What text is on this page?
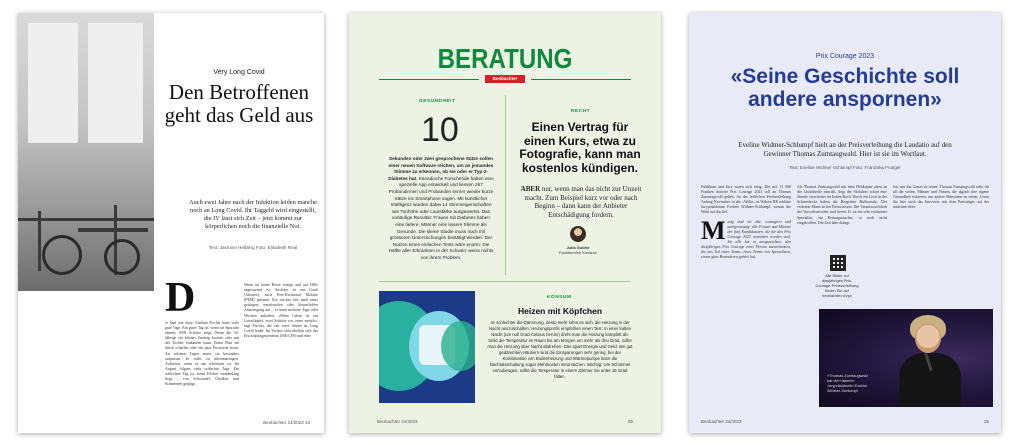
Very Long Covid
Den Betroffenen geht das Geld aus
Auch zwei Jahre nach der Infektion leiden manche noch an Long Covid. Ihr Taggeld wird eingestellt, die IV lässt sich Zeit – jetzt kommt zur körperlichen noch die finanzielle Not.
Text: Jasmine Helbling Foto: Elisabeth Real
D
er Saal war okay, Andrina Fischer hatte viele gute Tage. Ein guter Tag ist, wenn sie Sportuhr abends 1000 Schritte zeigt. Wenn die 34-Jährige ein kleines Zmittag kochen oder mit der Tochter einkaufen kann. Einen Plan am Stück schaffen oder ein paar Prosaseite lesen. An solchen Tagen muss sie besonders aufpassen. In nicht zu überanstrengen. Aufhören, wenn es am schönsten ist. Im August folgten viele schlechte Tage. Ein schlechter Tag ist, wenn Fischer stundenlang liegt – von Schwindel, Übelkeit und Schmerzen geplagt.
Wenn sie keine Reize erträgt und auf Hilfe angewiesen ist. Auslöser ist ein Crash (Absturz), auch Post-Exertional Malaise (PEM) genannt. Ein solcher tritt nach einer geistigen, emotionalen oder körperlichen Anstrengung auf – er kann mehrere Tage oder Wochen anhalten. «Mein Leben ist ein Lotterlispiel: zwei Schritte vor, einer zurück», sagt Fischer, die seit zwei Jahren an Long Covid leidet. Im Verlauf entwickelten sich das Erschöpfungssyndrom (ME/CFS) und eine
Beobachter 24/2023 33
BERATUNG
Beobachter
GESUNDHEIT
10
Sekunden oder zwei gesprochene Sätze sollen einer neuen Software reichen, um an jemandes Stimme zu erkennen, ob sie oder er Typ-2-Diabetes hat. Kanadische Forschende haben eine spezielle App entwickelt und liessen 267 Probandinnen und Probanden immer wieder kurze Sätze ins Smartphone sagen. Mit künstlicher Intelligenz wurden dabei 14 Stimmeigenschaften wie Tonhöhe oder Lautstärke ausgewertet. Das vorläufige Resultat: Frauen mit Diabetes haben eine tiefere, Männer eine leisere Stimme als Gesunde. Die kleine Studie muss noch mit grösseren Untersuchungen bestätigt werden. Der Nutzen eines einfachen Tests wäre enorm: Die Hälfte aller Erkrankten in der Schweiz weiss nichts von ihrem Problem.
RECHT
Einen Vertrag für einen Kurs, etwa zu Fotografie, kann man kostenlos kündigen.
ABER nur, wenn man das nicht zur Unzeit macht. Zum Beispiel kurz vor oder nach Beginn – dann kann der Anbieter Entschädigung fordern.
Julia Gubler
Fachbereich Konsum
KONSUM
Heizen mit Köpfchen
Je schlechter die Dämmung, desto mehr lohnt es sich, die Heizung in der Nacht auszuschalten. Heizungsprofis empfehlen einen Test: In einer kalten Nacht (um null Grad Celsius herum) dreht man die Heizung komplett ab. Sinkt die Temperatur im Raum bis am Morgen um mehr als drei Grad, sollte man die Heizung über Nacht abdrehen. Das spart Energie und Geld. Bei gut gedämmten Häusern sind die Einsparungen sehr gering, bei der Kombination von Bodenheizung und Wärmepumpe kann die Nachtabschaltung sogar Mehrkosten verursachen. Wichtig: Um Schimmel vorzubeugen, sollte die Temperatur in einem Zimmer nie unter 16 Grad fallen.
Beobachter 24/2023	65
Prix Courage 2023
«Seine Geschichte soll andere anspornen»
Eveline Widmer-Schlumpf hielt an der Preisverleihung die Laudatio auf den Gewinner Thomas Zumtaugwald. Hier ist sie im Wortlaut.
Text: Eveline Widmer-Schlumpf Foto: Franziska Frutiger
Publikum und Jury waren sich einig: Der mit 15 000 Franken dotierte Prix Courage 2023 soll an Thomas Zumtaugwald gehen. An der festlichen Preisverleihung Anfang November in der «Welle» in Walsen BE erklärte Jurypräsidentin Eveline Widmer-Schlumpf, warum die Wahl auf ihn fiel.
M utig sind sie alle, couragiert und uneigennützig: alle Frauen und Männer der fünf Kandidaturen, die für den Prix Courage 2023 nominiert worden sind. Sie alle hat es ausgezeichnet, den diesjährigen Prix Courage einer Person zuzuerkennen, die uns Teil eines Teams, eines Teams von Spezialisten, einem ganz Besonderen gehört hat.
Als Thomas Zumtaugwald mit dem Helikopter oben an der Unfallstelle eintrifft, liegt der Skifahrer schon eine Stunde verschüttet im hohen Bach. Durch ein Loch in der Schneedecke haben die Bergretter Rufkontakt. Der verletzte Mann ist bei Bewusstsein. Die Verantwortlichen der Vorortfeuerwehr sind bereit. Er ist ein sehr erfahrener Spezialist, ein Rettungstaucher, so noch nicht eingetroffen. Die Zeit aber drängt.
Alle Bilder zur diesjährigen Prix-Courage-Preisverleihung finden Sie auf beobachter.ch/pc
lert, um das Ganze zu retten. Thomas Zumtaugwald steht für all die vielen, Männer und Frauen, die täglich ihre eigene Gesundheit riskieren, um andere Menschen zu retten. Lesen Sie hier auch das Interview mit dem Preisträger auf der nächsten Seite.
«Thomas Zumtaugwald hat viel riskiert»: Jurypräsidentin Eveline Widmer-Schlumpf
Beobachter 24/2023	29
